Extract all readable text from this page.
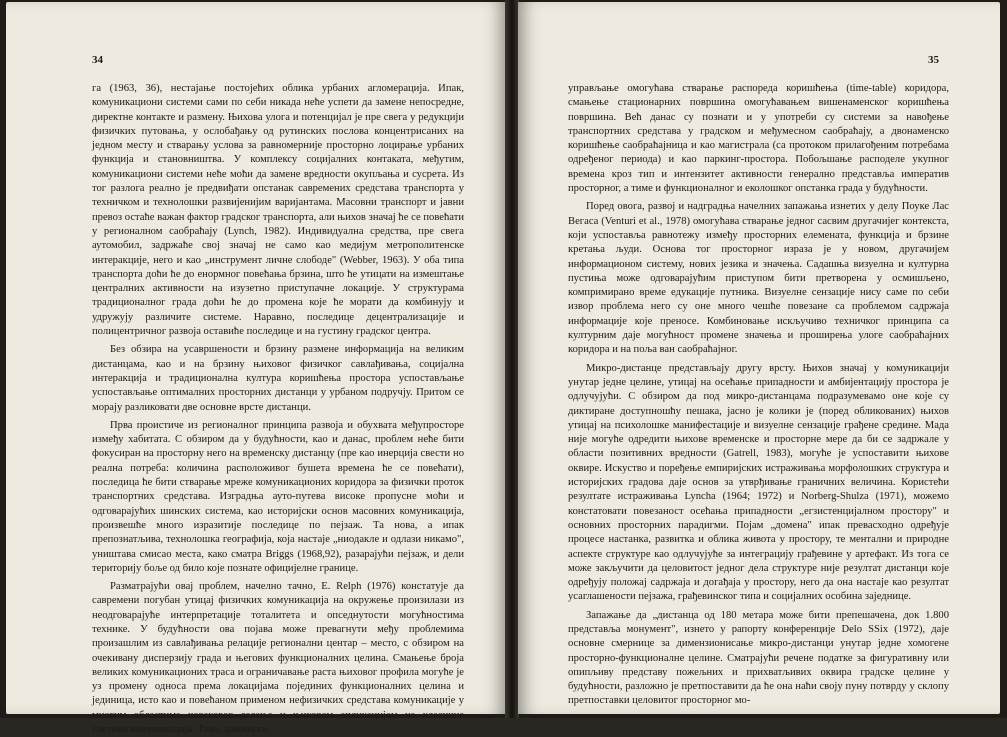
34

га (1963, 36), нестајање постојећих облика урбаних агломерација. Ипак, комуникациони системи сами по себи никада неће успети да замене непосредне, директне контакте и размену. Њихова улога и потенцијал је пре свега у редукцији физичких путовања, у ослобађању од рутинских послова концентрисаних на једном месту и стварању услова за равномерније просторно лоцирање урбаних функција и становништва. У комплексу социјалних контаката, међутим, комуникациони системи неће моћи да замене вредности окупљања и сусрета. Из тог разлога реално је предвиђати опстанак савремених средстава транспорта у техничком и технолошки развијенијим варијантама. Масовни транспорт и јавни превоз остаће важан фактор градског транспорта, али њихов значај ће се повећати у регионалном саобраћају (Lynch, 1982). Индивидуална средства, пре свега аутомобил, задржаће свој значај не само као медијум метрополитенске интеракције, него и као „инструмент личне слободе" (Webber, 1963). У оба типа транспорта доћи ће до енормног повећања брзина, што ће утицати на измештање централних активности на изузетно приступачне локације. У структурама традиционалног града доћи ће до промена које ће морати да комбинују и удружују различите системе. Наравно, последице децентрализације и полицентричног развоја оставиће последице и на густину градског центра.

Без обзира на усавршености и брзину размене информација на великим дистанцама, као и на брзину њиховог физичког савлађивања, социјална интеракција и традиционална култура коришћења простора успостављање успостављање оптималних просторних дистанци у урбаном подручју. Притом се морају разликовати две основне врсте дистанци.

Прва проистиче из регионалног принципа развоја и обухвата међупросторе између хабитата. С обзиром да у будућности, као и данас, проблем неће бити фокусиран на просторну него на временску дистанцу (пре као инерција свести но реална потреба: количина расположивог бушета времена ће се повећати), последица ће бити стварање мреже комуникационих коридора за физички проток транспортних средстава. Изградња ауто-путева високе пропусне моћи и одговарајућих шинских система, као историјски основ масовних комуникација, произвешће много изразитије последице по пејзаж. Та нова, а ипак препознатљива, технолошка географија, која настаје „ниодакле и одлази никамо", уништава смисао места, како сматра Briggs (1968,92), разарајући пејзаж, и дели територију боље од било које познате официјелне границе.

Разматрајући овај проблем, начелно тачно, E. Relph (1976) констатује да савремени погубан утицај физичких комуникација на окружење произилази из неодговарајуће интерпретације тоталитета и опседнутости могућностима технике. У будућности ова појава може превагнути међу проблемима произашлим из савлађивања релације регионални центар – место, с обзиром на очекивану дисперзију града и његових функционалних целина. Смањење броја великих комуникационих траса и ограничавање раста њиховог профила могуће је уз промену односа према локацијама појединих функционалних целина и јединица, исто као и повећаном применом нефизичких средстава комуникације у многим областима човековог делања и њиховом апликацијом на класичне системе комуникација. Тако, дањински

35

управљање омогућава стварање распореда коришћења (time-table) коридора, смањење стационарних површина омогућавањем вишенаменског коришћења површина. Већ данас су познати и у употреби су системи за навођење транспортних средстава у градском и међумесном саобраћају, а двонаменско коришћење саобраћајница и као магистрала (са протоком прилагођеним потребама одређеног периода) и као паркинг-простора. Побољшање расподеле укупног времена кроз тип и интензитет активности генерално представља императив просторног, а тиме и функционалног и еколошког опстанка града у будућности.

Поред овога, развој и надградња начелних запажања изнетих у делу Поуке Лас Вегаса (Venturi et al., 1978) омогућава стварање једног сасвим другачијег контекста, који успоставља равнотежу између просторних елемената, функција и брзине кретања људи. Основа тог просторног израза је у новом, другачијем информационом систему, нових језика и значења. Садашња визуелна и културна пустиња може одговарајућим приступом бити претворена у осмишљено, компримирано време едукације путника. Визуелне сензације нису саме по себи извор проблема него су оне много чешће повезане са проблемом садржаја информације које преносе. Комбиновање искључиво техничког принципа са културним даје могућност промене значења и проширења улоге саобраћајних коридора и на поља ван саобраћајног.

Микро-дистанце представљају другу врсту. Њихов значај у комуникацији унутар једне целине, утицај на осећање припадности и амбијентацију простора је одлучујући. С обзиром да под микро-дистанцама подразумевамо оне које су диктиране доступношћу пешака, јасно је колики је (поред обликованих) њихов утицај на психолошке манифестације и визуелне сензације грађене средине. Мада није могуће одредити њихове временске и просторне мере да би се задржале у области позитивних вредности (Gatrell, 1983), могуће је успоставити њихове оквире. Искуство и поређење емпиријских истраживања морфолошких структура и историјских градова даје основ за утврђивање граничних величина. Користећи резултате истраживања Lyncha (1964; 1972) и Norberg-Shulza (1971), можемо констатовати повезаност осећања припадности „егзистенцијалном простору" и основних просторних парадигми. Појам „домена" ипак превасходно одређује процесе настанка, развитка и облика живота у простору, те ментални и природне аспекте структуре као одлучујуће за интеграцију грађевине у артефакт. Из тога се може закључити да целовитост једног дела структуре није резултат дистанци које одређују положај садржаја и догађаја у простору, него да она настаје као резултат усаглашености пејзажа, грађевинског типа и социјалних особина заједнице.

Запажање да „дистанца од 180 метара може бити препешачена, док 1.800 представља монумент", изнето у рапорту конференције Delo SSix (1972), даје основне смернице за димензионисање микро-дистанци унутар једне хомогене просторно-функционалне целине. Сматрајући речене податке за фигуративну или опипљиву представу пожељних и прихватљивих оквира градске целине у будућности, разложно је претпоставити да ће она наћи своју пуну потврду у склопу претпоставки целовитог просторног мо-
